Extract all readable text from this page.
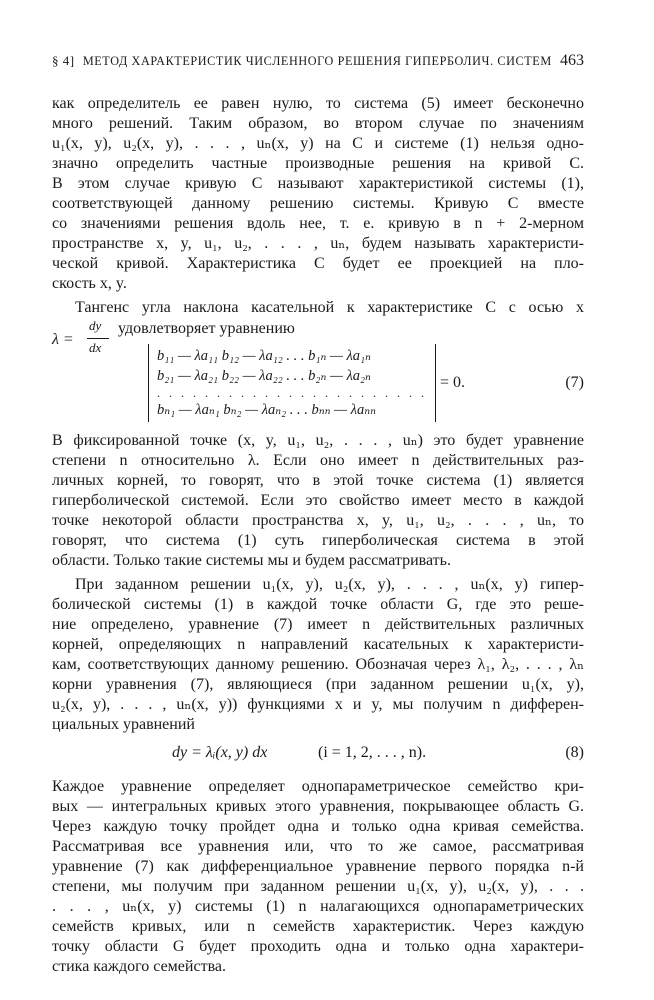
§ 4] МЕТОД ХАРАКТЕРИСТИК ЧИСЛЕННОГО РЕШЕНИЯ ГИПЕРБОЛИЧ. СИСТЕМ 463
как определитель ее равен нулю, то система (5) имеет бесконечно
много решений. Таким образом, во втором случае по значениям
u₁(x, y), u₂(x, y), . . . , uₙ(x, y) на C и системе (1) нельзя одно-
значно определить частные производные решения на кривой C.
В этом случае кривую C называют характеристикой системы (1),
соответствующей данному решению системы. Кривую C вместе
со значениями решения вдоль нее, т. е. кривую в n + 2-мерном
пространстве x, y, u₁, u₂, . . . , uₙ, будем называть характеристи-
ческой кривой. Характеристика C будет ее проекцией на пло-
скость x, y.
Тангенс угла наклона касательной к характеристике C с осью x
λ =
dy
dx
удовлетворяет уравнению
b₁₁ — λa₁₁ b₁₂ — λa₁₂ . . . b₁ₙ — λa₁ₙ
b₂₁ — λa₂₁ b₂₂ — λa₂₂ . . . b₂ₙ — λa₂ₙ
. . . . . . . . . . . . . . . . . . . . . . .
bₙ₁ — λaₙ₁ bₙ₂ — λaₙ₂ . . . bₙₙ — λaₙₙ
= 0.	(7)
В фиксированной точке (x, y, u₁, u₂, . . . , uₙ) это будет уравнение
степени n относительно λ. Если оно имеет n действительных раз-
личных корней, то говорят, что в этой точке система (1) является
гиперболической системой. Если это свойство имеет место в каждой
точке некоторой области пространства x, y, u₁, u₂, . . . , uₙ, то
говорят, что система (1) суть гиперболическая система в этой
области. Только такие системы мы и будем рассматривать.
При заданном решении u₁(x, y), u₂(x, y), . . . , uₙ(x, y) гипер-
болической системы (1) в каждой точке области G, где это реше-
ние определено, уравнение (7) имеет n действительных различных
корней, определяющих n направлений касательных к характеристи-
кам, соответствующих данному решению. Обозначая через λ₁, λ₂, . . . , λₙ
корни уравнения (7), являющиеся (при заданном решении u₁(x, y),
u₂(x, y), . . . , uₙ(x, y)) функциями x и y, мы получим n дифферен-
циальных уравнений
dy = λᵢ(x, y) dx	(i = 1, 2, . . . , n).	(8)
Каждое уравнение определяет однопараметрическое семейство кри-
вых — интегральных кривых этого уравнения, покрывающее область G.
Через каждую точку пройдет одна и только одна кривая семейства.
Рассматривая все уравнения или, что то же самое, рассматривая
уравнение (7) как дифференциальное уравнение первого порядка n-й
степени, мы получим при заданном решении u₁(x, y), u₂(x, y), . . .
. . . , uₙ(x, y) системы (1) n налагающихся однопараметрических
семейств кривых, или n семейств характеристик. Через каждую
точку области G будет проходить одна и только одна характери-
стика каждого семейства.
